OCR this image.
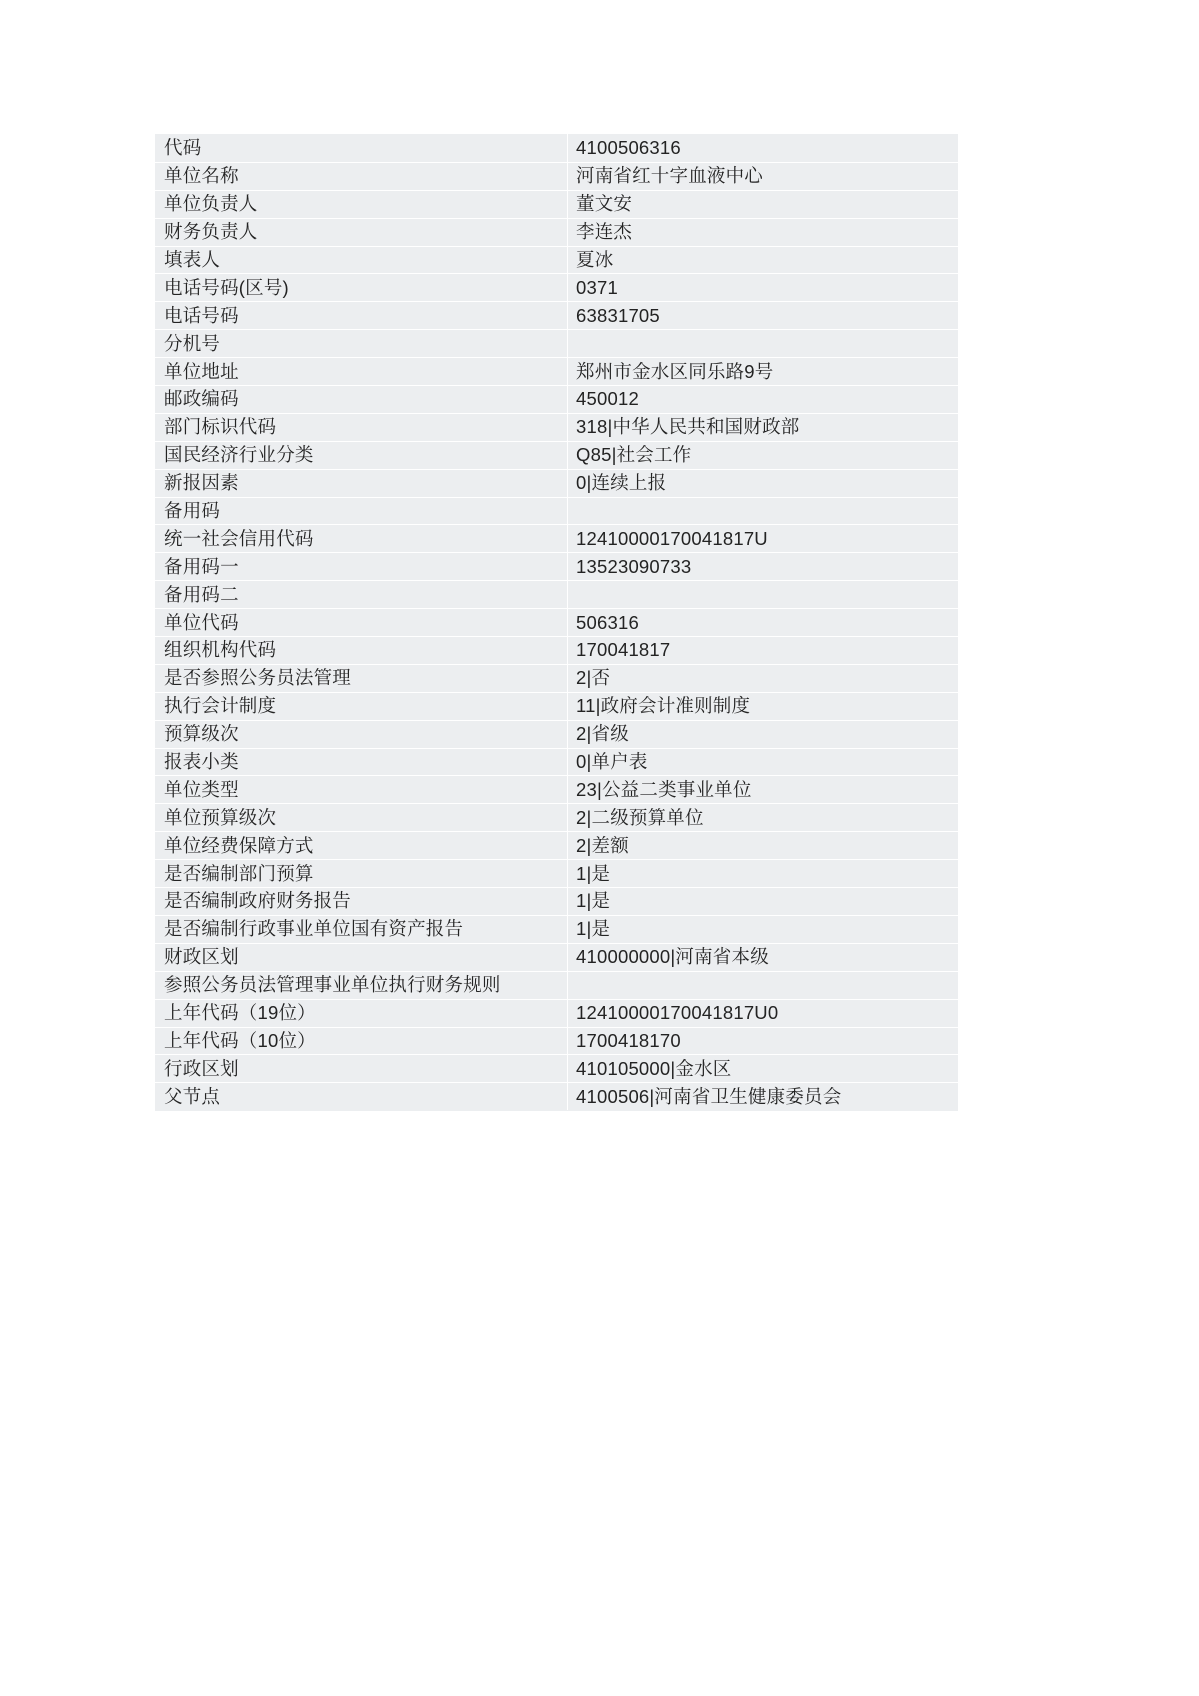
代码	4100506316
单位名称	河南省红十字血液中心
单位负责人	董文安
财务负责人	李连杰
填表人	夏冰
电话号码(区号)	0371
电话号码	63831705
分机号	
单位地址	郑州市金水区同乐路9号
邮政编码	450012
部门标识代码	318|中华人民共和国财政部
国民经济行业分类	Q85|社会工作
新报因素	0|连续上报
备用码	
统一社会信用代码	12410000170041817U
备用码一	13523090733
备用码二	
单位代码	506316
组织机构代码	170041817
是否参照公务员法管理	2|否
执行会计制度	11|政府会计准则制度
预算级次	2|省级
报表小类	0|单户表
单位类型	23|公益二类事业单位
单位预算级次	2|二级预算单位
单位经费保障方式	2|差额
是否编制部门预算	1|是
是否编制政府财务报告	1|是
是否编制行政事业单位国有资产报告	1|是
财政区划	410000000|河南省本级
参照公务员法管理事业单位执行财务规则	
上年代码（19位）	12410000170041817U0
上年代码（10位）	1700418170
行政区划	410105000|金水区
父节点	4100506|河南省卫生健康委员会
